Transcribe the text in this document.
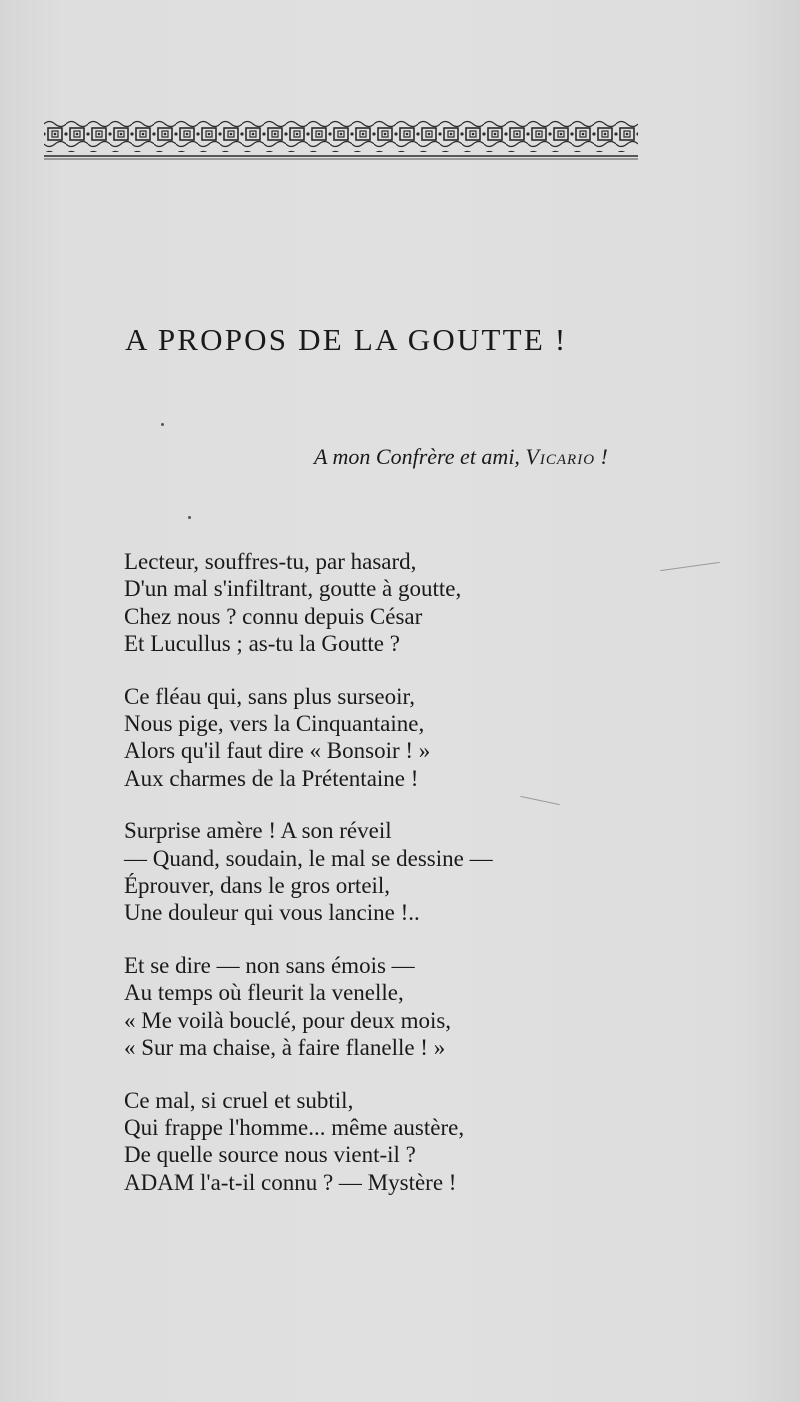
A PROPOS DE LA GOUTTE !
A mon Confrère et ami, Vicario !
Lecteur, souffres-tu, par hasard,
D'un mal s'infiltrant, goutte à goutte,
Chez nous ? connu depuis César
Et Lucullus ; as-tu la Goutte ?
Ce fléau qui, sans plus surseoir,
Nous pige, vers la Cinquantaine,
Alors qu'il faut dire « Bonsoir ! »
Aux charmes de la Prétentaine !
Surprise amère ! A son réveil
— Quand, soudain, le mal se dessine —
Éprouver, dans le gros orteil,
Une douleur qui vous lancine !..
Et se dire — non sans émois —
Au temps où fleurit la venelle,
« Me voilà bouclé, pour deux mois,
« Sur ma chaise, à faire flanelle ! »
Ce mal, si cruel et subtil,
Qui frappe l'homme... même austère,
De quelle source nous vient-il ?
ADAM l'a-t-il connu ? — Mystère !
